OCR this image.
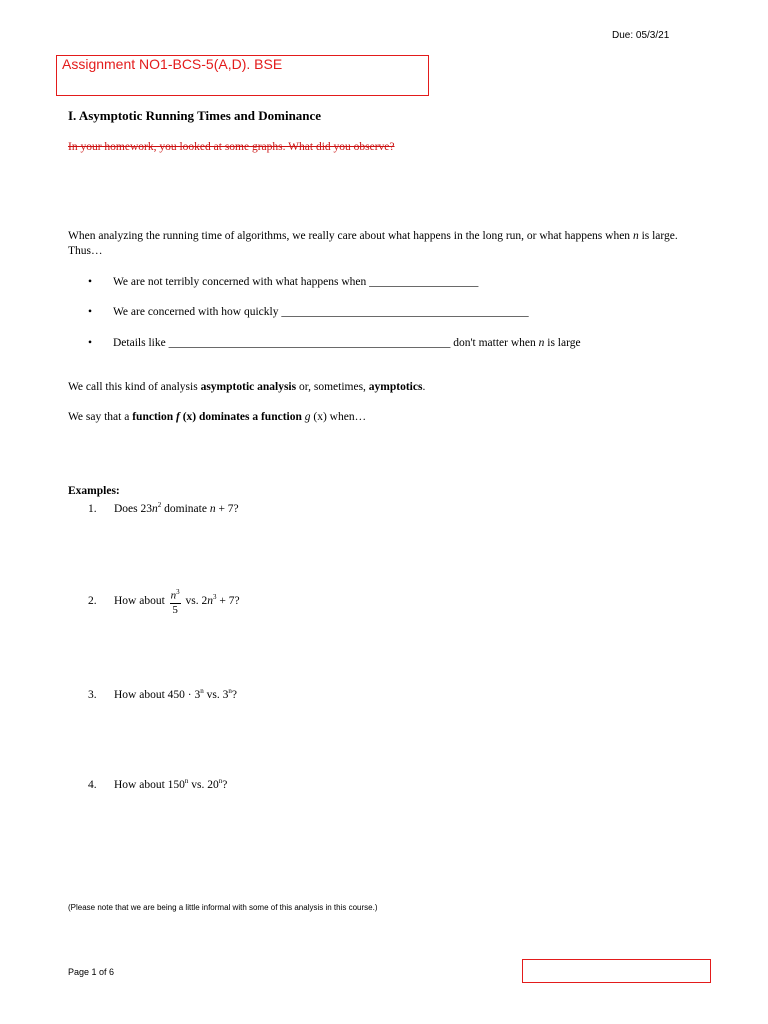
Due: 05/3/21
Assignment NO1-BCS-5(A,D). BSE
I. Asymptotic Running Times and Dominance
In your homework, you looked at some graphs. What did you observe?

When analyzing the running time of algorithms, we really care about what happens in the long run, or what happens when n is large. Thus…

• We are not terribly concerned with what happens when ___________________
• We are concerned with how quickly ___________________________________________
• Details like _________________________________________________ don't matter when n is large
We call this kind of analysis asymptotic analysis or, sometimes, aymptotics.
We say that a function f (x) dominates a function g (x) when…
Examples:
1. Does $23n^2$ dominate n + 7?
2. How about $\frac{n^3}{5}$ vs. $2n^3 + 7$?
3. How about $450 \cdot 3^n$ vs. 3$^n$?
4. How about 150$^n$ vs. 20$^n$?
(Please note that we are being a little informal with some of this analysis in this course.)
Page 1 of 6
